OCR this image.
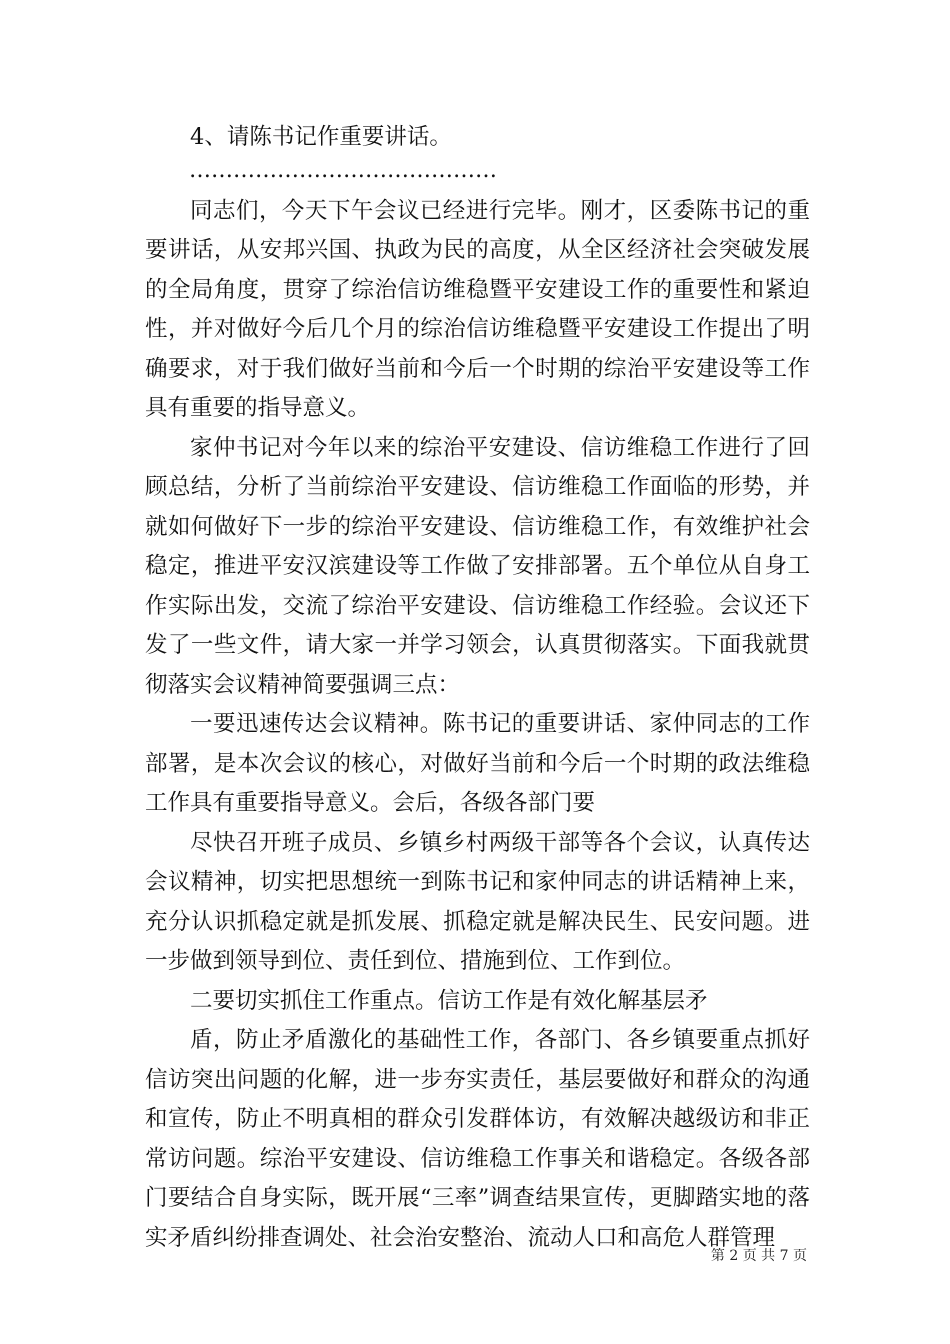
4、请陈书记作重要讲话。

……………………………………

同志们，今天下午会议已经进行完毕。刚才，区委陈书记的重要讲话，从安邦兴国、执政为民的高度，从全区经济社会突破发展的全局角度，贯穿了综治信访维稳暨平安建设工作的重要性和紧迫性，并对做好今后几个月的综治信访维稳暨平安建设工作提出了明确要求，对于我们做好当前和今后一个时期的综治平安建设等工作具有重要的指导意义。

家仲书记对今年以来的综治平安建设、信访维稳工作进行了回顾总结，分析了当前综治平安建设、信访维稳工作面临的形势，并就如何做好下一步的综治平安建设、信访维稳工作，有效维护社会稳定，推进平安汉滨建设等工作做了安排部署。五个单位从自身工作实际出发，交流了综治平安建设、信访维稳工作经验。会议还下发了一些文件，请大家一并学习领会，认真贯彻落实。下面我就贯彻落实会议精神简要强调三点：

一要迅速传达会议精神。陈书记的重要讲话、家仲同志的工作部署，是本次会议的核心，对做好当前和今后一个时期的政法维稳工作具有重要指导意义。会后，各级各部门要

尽快召开班子成员、乡镇乡村两级干部等各个会议，认真传达会议精神，切实把思想统一到陈书记和家仲同志的讲话精神上来，充分认识抓稳定就是抓发展、抓稳定就是解决民生、民安问题。进一步做到领导到位、责任到位、措施到位、工作到位。

二要切实抓住工作重点。信访工作是有效化解基层矛

盾，防止矛盾激化的基础性工作，各部门、各乡镇要重点抓好信访突出问题的化解，进一步夯实责任，基层要做好和群众的沟通和宣传，防止不明真相的群众引发群体访，有效解决越级访和非正常访问题。综治平安建设、信访维稳工作事关和谐稳定。各级各部门要结合自身实际，既开展“三率”调查结果宣传，更脚踏实地的落实矛盾纠纷排查调处、社会治安整治、流动人口和高危人群管理

第 2 页 共 7 页
